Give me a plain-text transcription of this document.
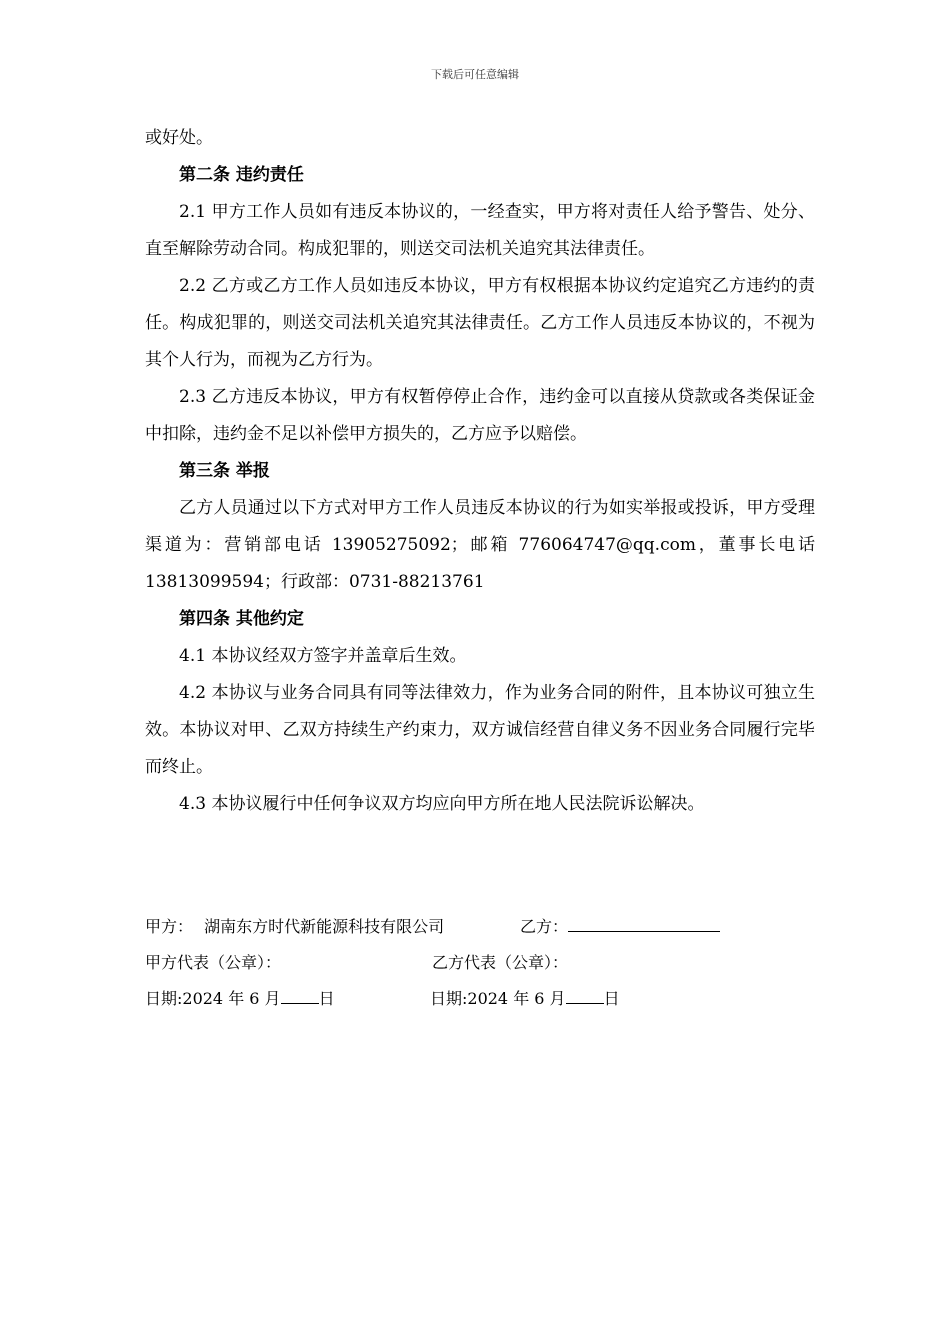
下载后可任意编辑

或好处。

第二条 违约责任

2.1 甲方工作人员如有违反本协议的，一经查实，甲方将对责任人给予警告、处分、直至解除劳动合同。构成犯罪的，则送交司法机关追究其法律责任。

2.2 乙方或乙方工作人员如违反本协议，甲方有权根据本协议约定追究乙方违约的责任。构成犯罪的，则送交司法机关追究其法律责任。乙方工作人员违反本协议的，不视为其个人行为，而视为乙方行为。

2.3 乙方违反本协议，甲方有权暂停停止合作，违约金可以直接从贷款或各类保证金中扣除，违约金不足以补偿甲方损失的，乙方应予以赔偿。

第三条 举报

乙方人员通过以下方式对甲方工作人员违反本协议的行为如实举报或投诉，甲方受理渠道为：营销部电话 13905275092；邮箱 776064747@qq.com，董事长电话 13813099594；行政部：0731-88213761

第四条 其他约定

4.1 本协议经双方签字并盖章后生效。

4.2 本协议与业务合同具有同等法律效力，作为业务合同的附件，且本协议可独立生效。本协议对甲、乙双方持续生产约束力，双方诚信经营自律义务不因业务合同履行完毕而终止。

4.3 本协议履行中任何争议双方均应向甲方所在地人民法院诉讼解决。

甲方： 湖南东方时代新能源科技有限公司	乙方：
甲方代表（公章）：	乙方代表（公章）：
日期:2024 年 6 月 日	日期:2024 年 6 月 日
